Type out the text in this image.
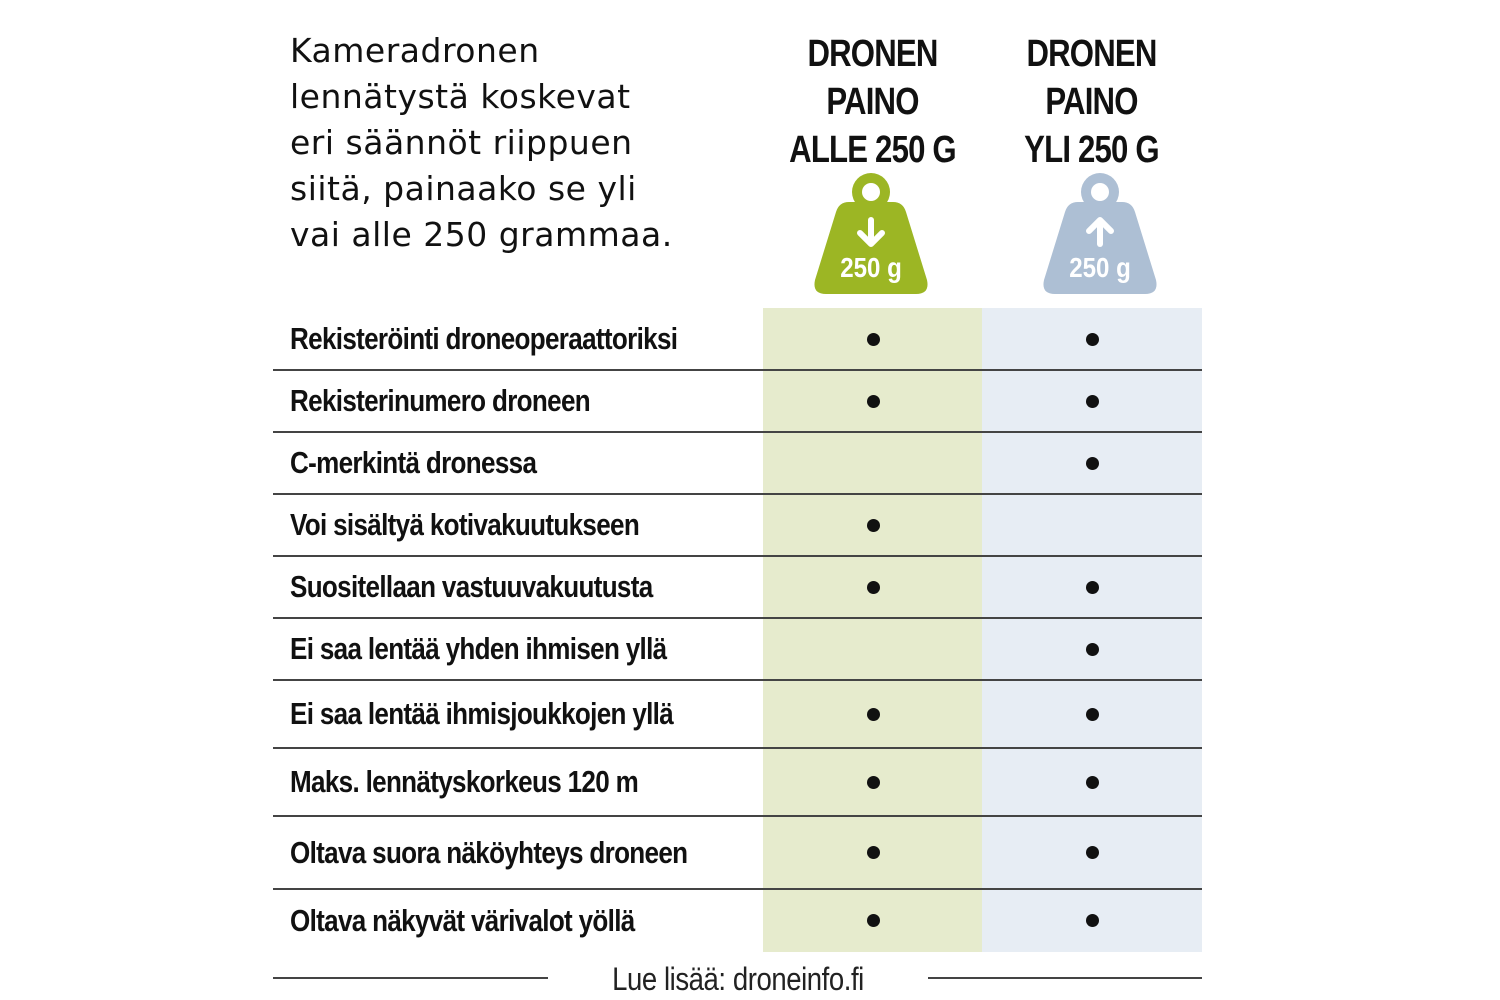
Kameradronen
lennätystä koskevat
eri säännöt riippuen
siitä, painaako se yli
vai alle 250 grammaa.
DRONEN
PAINO
ALLE 250 G
DRONEN
PAINO
YLI 250 G
250 g	250 g
Rekisteröinti droneoperaattoriksi
Rekisterinumero droneen
C-merkintä dronessa
Voi sisältyä kotivakuutukseen
Suositellaan vastuuvakuutusta
Ei saa lentää yhden ihmisen yllä
Ei saa lentää ihmisjoukkojen yllä
Maks. lennätyskorkeus 120 m
Oltava suora näköyhteys droneen
Oltava näkyvät värivalot yöllä
Lue lisää: droneinfo.fi
